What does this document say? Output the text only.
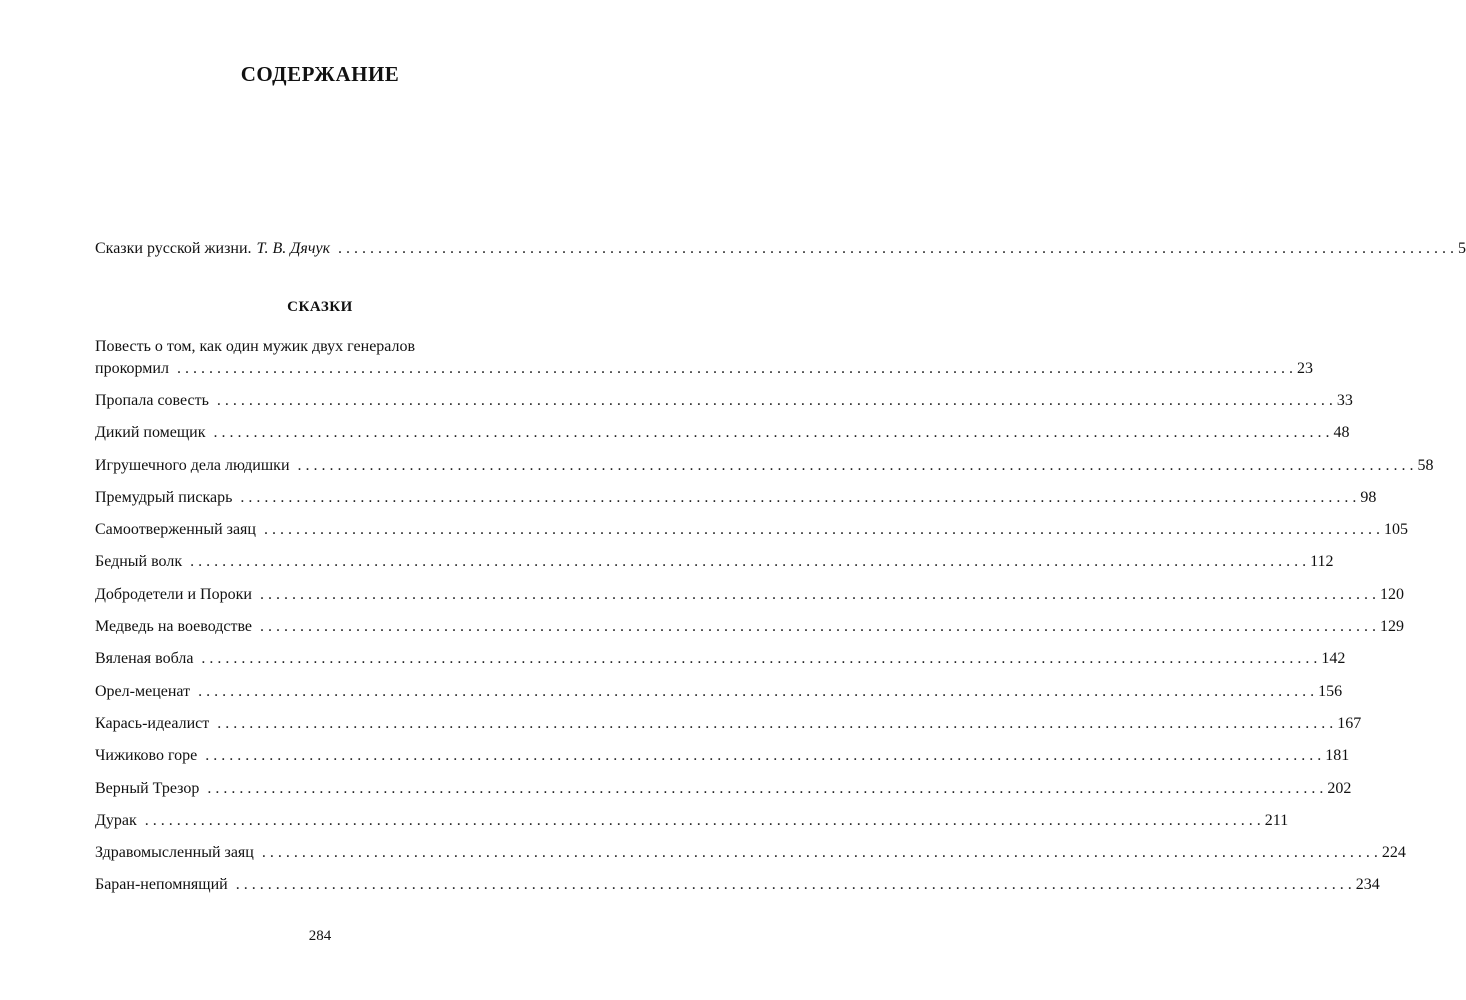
СОДЕРЖАНИЕ
Сказки русской жизни. Т. В. Дячук . . .	5
СКАЗКИ
Повесть о том, как один мужик двух генералов
прокормил . . .	23
Пропала совесть . . .	33
Дикий помещик . . .	48
Игрушечного дела людишки . . .	58
Премудрый пискарь . . .	98
Самоотверженный заяц . . .	105
Бедный волк . . .	112
Добродетели и Пороки . . .	120
Медведь на воеводстве . . .	129
Вяленая вобла . . .	142
Орел-меценат . . .	156
Карась-идеалист . . .	167
Чижиково горе . . .	181
Верный Трезор . . .	202
Дурак . . .	211
Здравомысленный заяц . . .	224
Баран-непомнящий . . .	234
284
